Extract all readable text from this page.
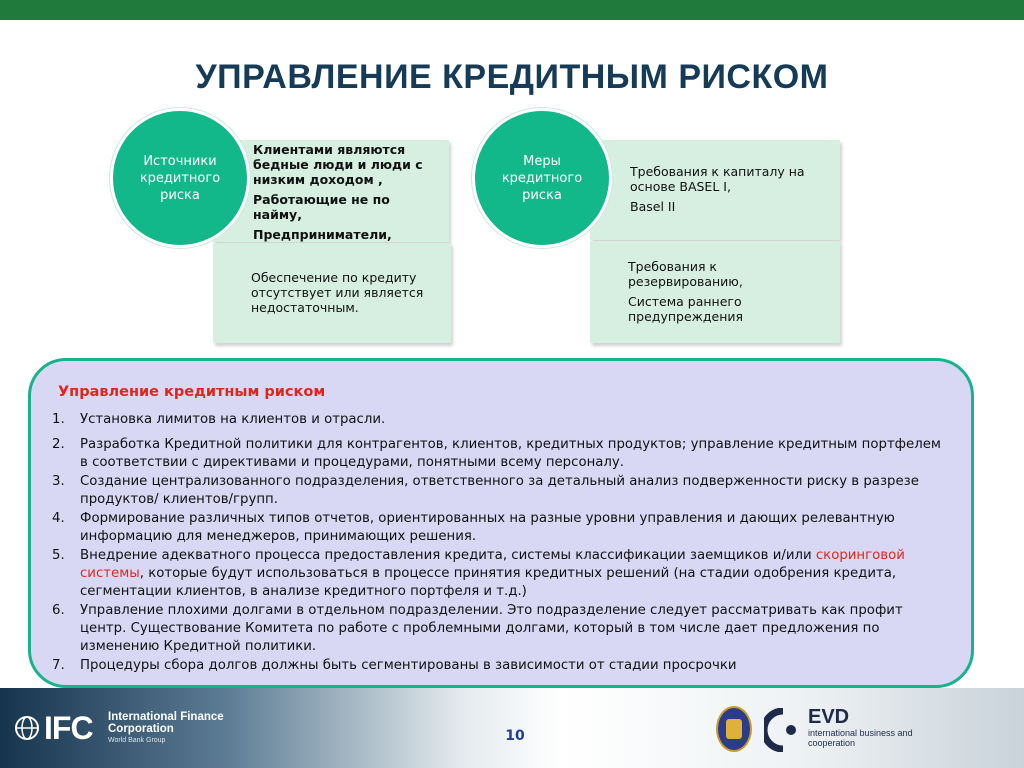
УПРАВЛЕНИЕ КРЕДИТНЫМ РИСКОМ

Клиентами являются бедные люди и люди с низким доходом ,

Работающие не по найму,

Предприниматели,

Обеспечение по кредиту отсутствует или является недостаточным.
Источники
кредитного
риска

Требования к капиталу на основе BASEL I,

Basel II

Требования к резервированию,

Система раннего предупреждения

Меры
кредитного
риска
Управление кредитным риском
1. Установка лимитов на клиентов и отрасли.
2. Разработка Кредитной политики для контрагентов, клиентов, кредитных продуктов; управление кредитным портфелем в соответствии с директивами и процедурами, понятными всему персоналу.
3. Создание централизованного подразделения, ответственного за детальный анализ подверженности риску в разрезе продуктов/ клиентов/групп.
4. Формирование различных типов отчетов, ориентированных на разные уровни управления и дающих релевантную информацию для менеджеров, принимающих решения.
5. Внедрение адекватного процесса предоставления кредита, системы классификации заемщиков и/или скоринговой системы, которые будут использоваться в процессе принятия кредитных решений (на стадии одобрения кредита, сегментации клиентов, в анализе кредитного портфеля и т.д.)
6. Управление плохими долгами в отдельном подразделении. Это подразделение следует рассматривать как профит центр. Существование Комитета по работе с проблемными долгами, который в том числе дает предложения по изменению Кредитной политики.
7. Процедуры сбора долгов должны быть сегментированы в зависимости от стадии просрочки
IFC International Finance Corporation
World Bank Group	10
EVD
international business and cooperation
